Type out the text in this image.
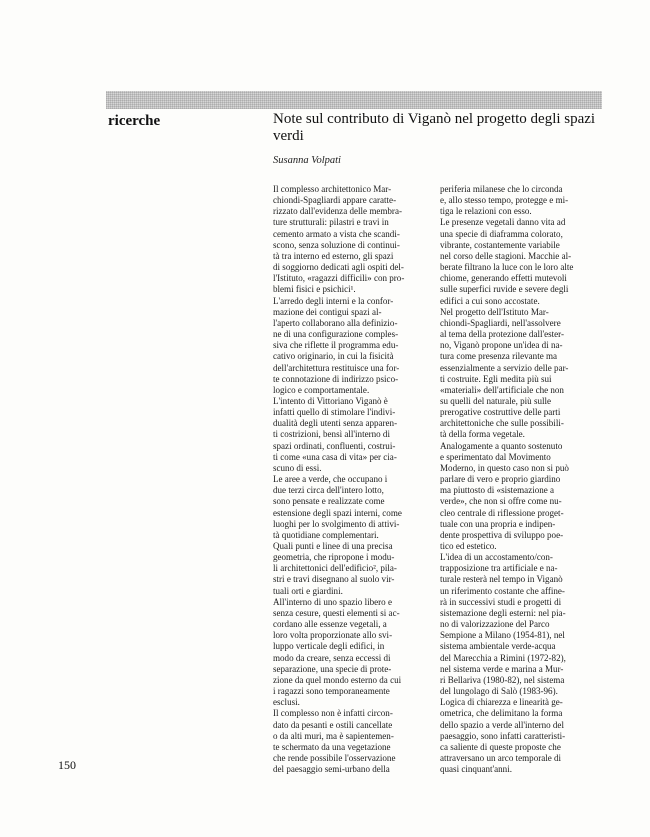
ricerche	Note sul contributo di Viganò nel progetto degli spazi verdi
Susanna Volpati

Il complesso architettonico Mar-
chiondi-Spagliardi appare caratte-
rizzato dall'evidenza delle membra-
ture strutturali: pilastri e travi in
cemento armato a vista che scandi-
scono, senza soluzione di continui-
tà tra interno ed esterno, gli spazi
di soggiorno dedicati agli ospiti del-
l'Istituto, «ragazzi difficili» con pro-
blemi fisici e psichici¹.

L'arredo degli interni e la confor-
mazione dei contigui spazi al-
l'aperto collaborano alla definizio-
ne di una configurazione comples-
siva che riflette il programma edu-
cativo originario, in cui la fisicità
dell'architettura restituisce una for-
te connotazione di indirizzo psico-
logico e comportamentale.

L'intento di Vittoriano Viganò è
infatti quello di stimolare l'indivi-
dualità degli utenti senza apparen-
ti costrizioni, bensì all'interno di
spazi ordinati, confluenti, costrui-
ti come «una casa di vita» per cia-
scuno di essi.

Le aree a verde, che occupano i
due terzi circa dell'intero lotto,
sono pensate e realizzate come
estensione degli spazi interni, come
luoghi per lo svolgimento di attivi-
tà quotidiane complementari.
Quali punti e linee di una precisa
geometria, che ripropone i modu-
li architettonici dell'edificio², pila-
stri e travi disegnano al suolo vir-
tuali orti e giardini.

All'interno di uno spazio libero e
senza cesure, questi elementi si ac-
cordano alle essenze vegetali, a
loro volta proporzionate allo svi-
luppo verticale degli edifici, in
modo da creare, senza eccessi di
separazione, una specie di prote-
zione da quel mondo esterno da cui
i ragazzi sono temporaneamente
esclusi.

Il complesso non è infatti circon-
dato da pesanti e ostili cancellate
o da alti muri, ma è sapientemen-
te schermato da una vegetazione
che rende possibile l'osservazione
del paesaggio semi-urbano della

periferia milanese che lo circonda
e, allo stesso tempo, protegge e mi-
tiga le relazioni con esso.

Le presenze vegetali danno vita ad
una specie di diaframma colorato,
vibrante, costantemente variabile
nel corso delle stagioni. Macchie al-
berate filtrano la luce con le loro alte
chiome, generando effetti mutevoli
sulle superfici ruvide e severe degli
edifici a cui sono accostate.

Nel progetto dell'Istituto Mar-
chiondi-Spagliardi, nell'assolvere
al tema della protezione dall'ester-
no, Viganò propone un'idea di na-
tura come presenza rilevante ma
essenzialmente a servizio delle par-
ti costruite. Egli medita più sui
«materiali» dell'artificiale che non
su quelli del naturale, più sulle
prerogative costruttive delle parti
architettoniche che sulle possibili-
tà della forma vegetale.

Analogamente a quanto sostenuto
e sperimentato dal Movimento
Moderno, in questo caso non si può
parlare di vero e proprio giardino
ma piuttosto di «sistemazione a
verde», che non si offre come nu-
cleo centrale di riflessione proget-
tuale con una propria e indipen-
dente prospettiva di sviluppo poe-
tico ed estetico.

L'idea di un accostamento/con-
trapposizione tra artificiale e na-
turale resterà nel tempo in Viganò
un riferimento costante che affine-
rà in successivi studi e progetti di
sistemazione degli esterni: nel pia-
no di valorizzazione del Parco
Sempione a Milano (1954-81), nel
sistema ambientale verde-acqua
del Marecchia a Rimini (1972-82),
nel sistema verde e marina a Mur-
ri Bellariva (1980-82), nel sistema
del lungolago di Salò (1983-96).

Logica di chiarezza e linearità ge-
ometrica, che delimitano la forma
dello spazio a verde all'interno del
paesaggio, sono infatti caratteristi-
ca saliente di queste proposte che
attraversano un arco temporale di
quasi cinquant'anni.

150
